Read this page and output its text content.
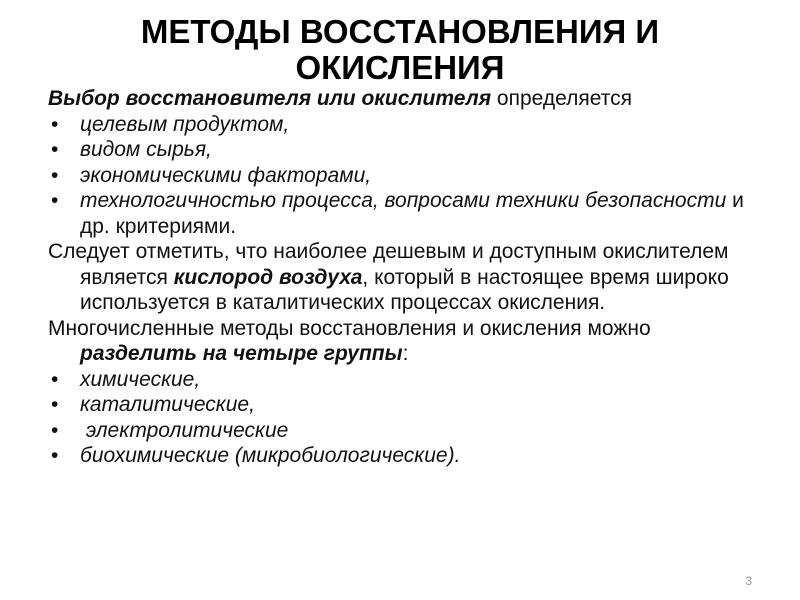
МЕТОДЫ ВОССТАНОВЛЕНИЯ И ОКИСЛЕНИЯ

Выбор восстановителя или окислителя определяется

• целевым продуктом,

• видом сырья,

• экономическими факторами,

• технологичностью процесса, вопросами техники безопасности и др. критериями.

Следует отметить, что наиболее дешевым и доступным окислителем является кислород воздуха, который в настоящее время широко используется в каталитических процессах окисления.

Многочисленные методы восстановления и окисления можно разделить на четыре группы:

• химические,

• каталитические,

• электролитические

• биохимические (микробиологические).

3
